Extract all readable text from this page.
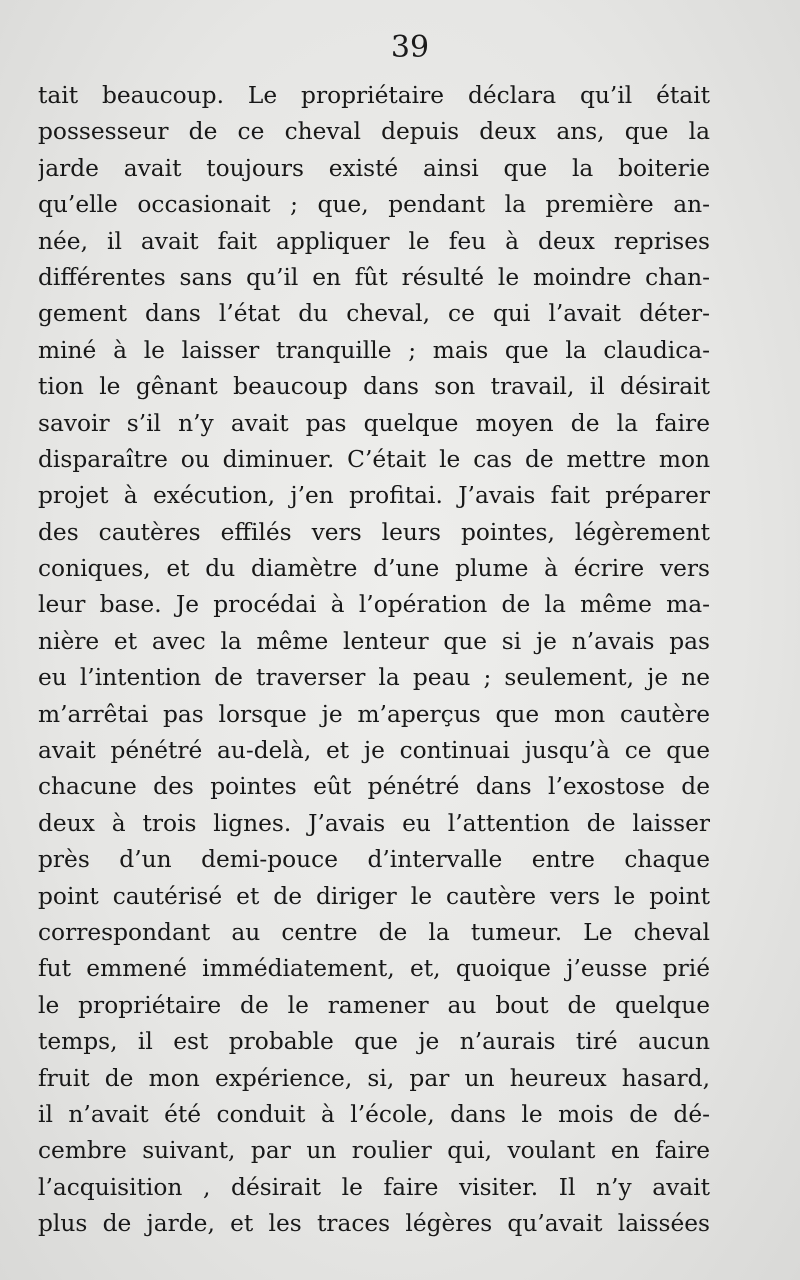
39
tait beaucoup. Le propriétaire déclara qu’il était
possesseur de ce cheval depuis deux ans, que la
jarde avait toujours existé ainsi que la boiterie
qu’elle occasionait ; que, pendant la première an-
née, il avait fait appliquer le feu à deux reprises
différentes sans qu’il en fût résulté le moindre chan-
gement dans l’état du cheval, ce qui l’avait déter-
miné à le laisser tranquille ; mais que la claudica-
tion le gênant beaucoup dans son travail, il désirait
savoir s’il n’y avait pas quelque moyen de la faire
disparaître ou diminuer. C’était le cas de mettre mon
projet à exécution, j’en profitai. J’avais fait préparer
des cautères effilés vers leurs pointes, légèrement
coniques, et du diamètre d’une plume à écrire vers
leur base. Je procédai à l’opération de la même ma-
nière et avec la même lenteur que si je n’avais pas
eu l’intention de traverser la peau ; seulement, je ne
m’arrêtai pas lorsque je m’aperçus que mon cautère
avait pénétré au-delà, et je continuai jusqu’à ce que
chacune des pointes eût pénétré dans l’exostose de
deux à trois lignes. J’avais eu l’attention de laisser
près d’un demi-pouce d’intervalle entre chaque
point cautérisé et de diriger le cautère vers le point
correspondant au centre de la tumeur. Le cheval
fut emmené immédiatement, et, quoique j’eusse prié
le propriétaire de le ramener au bout de quelque
temps, il est probable que je n’aurais tiré aucun
fruit de mon expérience, si, par un heureux hasard,
il n’avait été conduit à l’école, dans le mois de dé-
cembre suivant, par un roulier qui, voulant en faire
l’acquisition , désirait le faire visiter. Il n’y avait
plus de jarde, et les traces légères qu’avait laissées
